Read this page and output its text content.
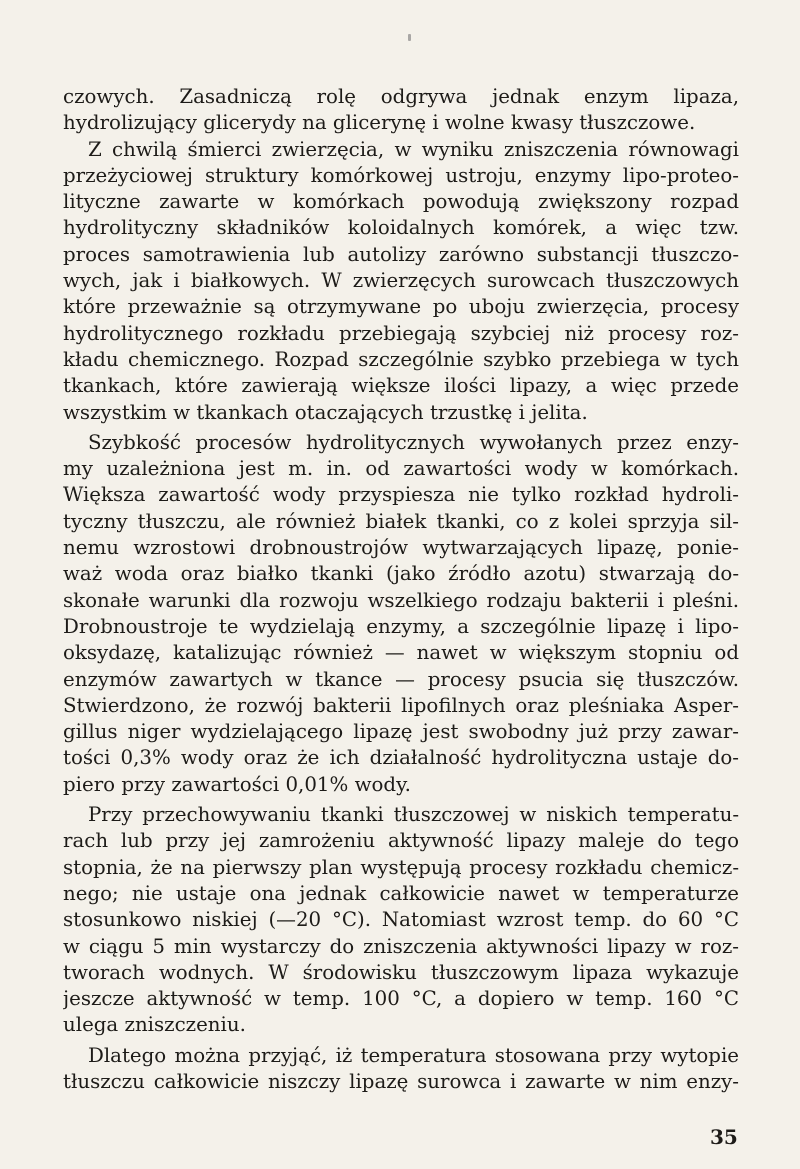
czowych. Zasadniczą rolę odgrywa jednak enzym lipaza,
hydrolizujący glicerydy na glicerynę i wolne kwasy tłuszczowe.
Z chwilą śmierci zwierzęcia, w wyniku zniszczenia równowagi
przeżyciowej struktury komórkowej ustroju, enzymy lipo-proteo-
lityczne zawarte w komórkach powodują zwiększony rozpad
hydrolityczny składników koloidalnych komórek, a więc tzw.
proces samotrawienia lub autolizy zarówno substancji tłuszczo-
wych, jak i białkowych. W zwierzęcych surowcach tłuszczowych
które przeważnie są otrzymywane po uboju zwierzęcia, procesy
hydrolitycznego rozkładu przebiegają szybciej niż procesy roz-
kładu chemicznego. Rozpad szczególnie szybko przebiega w tych
tkankach, które zawierają większe ilości lipazy, a więc przede
wszystkim w tkankach otaczających trzustkę i jelita.
Szybkość procesów hydrolitycznych wywołanych przez enzy-
my uzależniona jest m. in. od zawartości wody w komórkach.
Większa zawartość wody przyspiesza nie tylko rozkład hydroli-
tyczny tłuszczu, ale również białek tkanki, co z kolei sprzyja sil-
nemu wzrostowi drobnoustrojów wytwarzających lipazę, ponie-
waż woda oraz białko tkanki (jako źródło azotu) stwarzają do-
skonałe warunki dla rozwoju wszelkiego rodzaju bakterii i pleśni.
Drobnoustroje te wydzielają enzymy, a szczególnie lipazę i lipo-
oksydazę, katalizując również — nawet w większym stopniu od
enzymów zawartych w tkance — procesy psucia się tłuszczów.
Stwierdzono, że rozwój bakterii lipofilnych oraz pleśniaka Asper-
gillus niger wydzielającego lipazę jest swobodny już przy zawar-
tości 0,3% wody oraz że ich działalność hydrolityczna ustaje do-
piero przy zawartości 0,01% wody.
Przy przechowywaniu tkanki tłuszczowej w niskich temperatu-
rach lub przy jej zamrożeniu aktywność lipazy maleje do tego
stopnia, że na pierwszy plan występują procesy rozkładu chemicz-
nego; nie ustaje ona jednak całkowicie nawet w temperaturze
stosunkowo niskiej (—20 °C). Natomiast wzrost temp. do 60 °C
w ciągu 5 min wystarczy do zniszczenia aktywności lipazy w roz-
tworach wodnych. W środowisku tłuszczowym lipaza wykazuje
jeszcze aktywność w temp. 100 °C, a dopiero w temp. 160 °C
ulega zniszczeniu.
Dlatego można przyjąć, iż temperatura stosowana przy wytopie
tłuszczu całkowicie niszczy lipazę surowca i zawarte w nim enzy-
35
